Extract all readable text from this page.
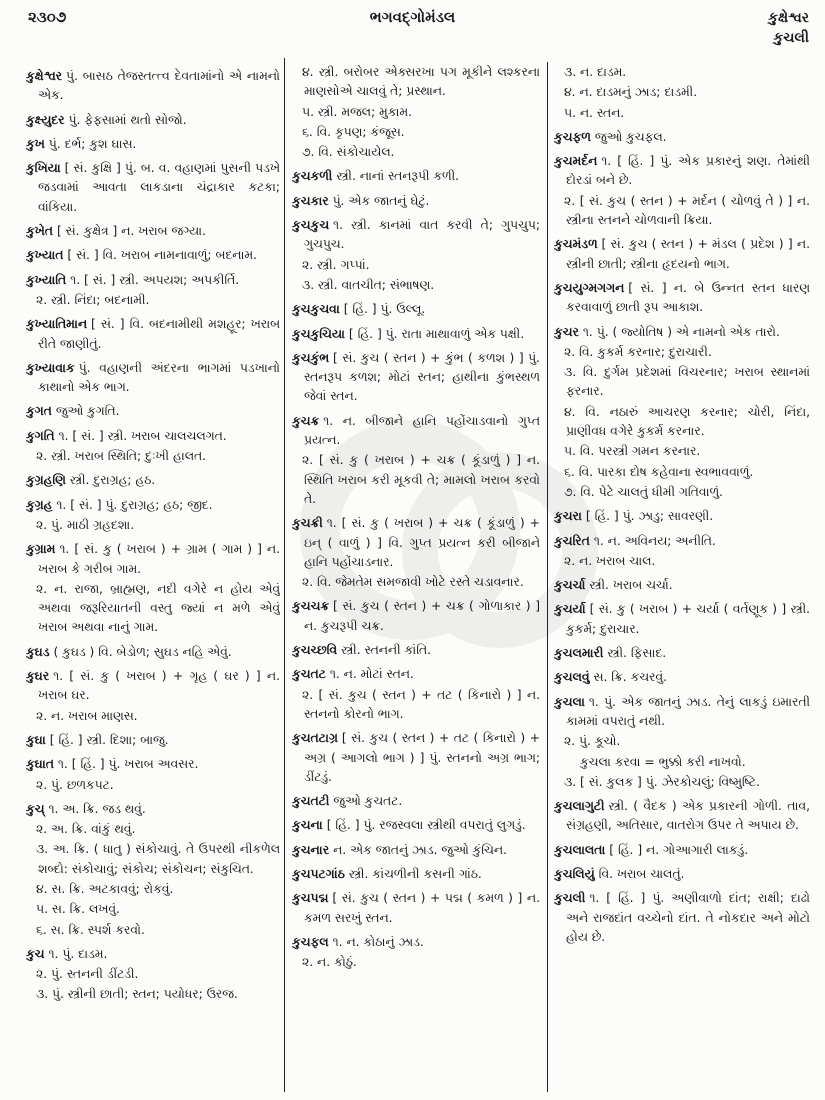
૨૩૦૭	ભગવદ્ગોમંડલ	કુક્ષેશ્વર
કુચલી
કુક્ષેશ્વર પું. બાસઠ તેજસ્તત્ત્વ દેવતામાંનો એ નામનો એક.
કુક્ષ્યુદર પું. ફેફસામાં થતો સોજો.
કુખ પું. દર્ભ; કુશ ઘાસ.
કુખિયા [ સં. કુક્ષિ ] પું. બ. વ. વહાણમાં પુસની પડખે જડવામાં આવતા લાકડાના ચંદ્રાકાર કટકા; વાંકિયા.
કુખેત [ સં. કુક્ષેત્ર ] ન. ખરાબ જગ્યા.
કુખ્યાત [ સં. ] વિ. ખરાબ નામનાવાળું; બદનામ.
કુખ્યાતિ ૧. [ સં. ] સ્ત્રી. અપયશ; અપકીર્તિ.
૨. સ્ત્રી. નિંદા; બદનામી.
કુખ્યાતિમાન [ સં. ] વિ. બદનામીથી મશહૂર; ખરાબ રીતે જાણીતું.
કુખ્યાવાક પું. વહાણની અંદરના ભાગમાં પડખાનો કાથાનો એક ભાગ.
કુગત જુઓ કુગતિ.
કુગતિ ૧. [ સં. ] સ્ત્રી. ખરાબ ચાલચલગત.
૨. સ્ત્રી. ખરાબ સ્થિતિ; દુઃખી હાલત.
કુગ્રહણિ સ્ત્રી. દુરાગ્રહ; હઠ.
કુગ્રહ ૧. [ સં. ] પું. દુરાગ્રહ; હઠ; જીદ.
૨. પું. માઠી ગ્રહદશા.
કુગ્રામ ૧. [ સં. કુ ( ખરાબ ) + ગ્રામ ( ગામ ) ] ન. ખરાબ કે ગરીબ ગામ.
૨. ન. રાજા, બ્રાહ્મણ, નદી વગેરે ન હોય એવું અથવા જરૂરિયાતની વસ્તુ જ્યાં ન મળે એવું ખરાબ અથવા નાનું ગામ.
કુઘડ ( કુઘડ ) વિ. બેડોળ; સુઘડ નહિ એવું.
કુઘર ૧. [ સં. કુ ( ખરાબ ) + ગૃહ ( ઘર ) ] ન. ખરાબ ઘર.
૨. ન. ખરાબ માણસ.
કુઘા [ હિં. ] સ્ત્રી. દિશા; બાજુ.
કુઘાત ૧. [ હિં. ] પું. ખરાબ અવસર.
૨. પું. છળકપટ.
કુચ્ ૧. અ. ક્રિ. જડ થવું.
૨. અ. ક્રિ. વાંકું થવું.
૩. અ. ક્રિ. ( ધાતુ ) સંકોચાવું. તે ઉપરથી નીકળેલ શબ્દો: સંકોચાવું; સંકોચ; સંકોચન; સંકુચિત.
૪. સ. ક્રિ. અટકાવવું; રોકવું.
૫. સ. ક્રિ. લખવું.
૬. સ. ક્રિ. સ્પર્શ કરવો.
કુચ ૧. પું. દાડમ.
૨. પું. સ્તનની ડીંટડી.
૩. પું. સ્ત્રીની છાતી; સ્તન; પયોધર; ઉરજ.
૪. સ્ત્રી. બરોબર એક્સરખા પગ મૂકીને લશ્કરના માણસોએ ચાલવું તે; પ્રસ્થાન.
૫. સ્ત્રી. મજલ; મુકામ.
૬. વિ. કૃપણ; કંજૂસ.
૭. વિ. સંકોચાયેલ.
કુચકળી સ્ત્રી. નાનાં સ્તનરૂપી કળી.
કુચકાર પું. એક જાતનું ઘેટું.
કુચકુચ ૧. સ્ત્રી. કાનમાં વાત કરવી તે; ગુપચુપ; ગુચપુચ.
૨. સ્ત્રી. ગપ્પાં.
૩. સ્ત્રી. વાતચીત; સંભાષણ.
કુચકુચવા [ હિં. ] પું. ઉલ્લૂ.
કુચકુચિયા [ હિં. ] પું. રાતા માથાવાળું એક પક્ષી.
કુચકુંભ [ સં. કુચ ( સ્તન ) + કુંભ ( કળશ ) ] પું. સ્તનરૂપ કળશ; મોટાં સ્તન; હાથીના કુંભસ્થળ જેવાં સ્તન.
કુચક્ર ૧. ન. બીજાને હાનિ પહોંચાડવાનો ગુપ્ત પ્રયત્ન.
૨. [ સં. કુ ( ખરાબ ) + ચક્ર ( કૂંડાળું ) ] ન. સ્થિતિ ખરાબ કરી મૂકવી તે; મામલો ખરાબ કરવો તે.
કુચક્રી ૧. [ સં. કુ ( ખરાબ ) + ચક્ર ( કૂંડાળું ) + ઇન્ ( વાળું ) ] વિ. ગુપ્ત પ્રયત્ન કરી બીજાને હાનિ પહોંચાડનાર.
૨. વિ. જેમતેમ સમજાવી ખોટે રસ્તે ચડાવનાર.
કુચચક્ર [ સં. કુચ ( સ્તન ) + ચક્ર ( ગોળાકાર ) ] ન. કુચરૂપી ચક્ર.
કુચચ્છવિ સ્ત્રી. સ્તનની કાંતિ.
કુચતટ ૧. ન. મોટાં સ્તન.
૨. [ સં. કુચ ( સ્તન ) + તટ ( કિનારો ) ] ન. સ્તનનો કોરનો ભાગ.
કુચતટાગ્ર [ સં. કુચ ( સ્તન ) + તટ ( કિનારો ) + અગ્ર ( આગલો ભાગ ) ] પું. સ્તનનો અગ્ર ભાગ; ડીંટડું.
કુચતટી જુઓ કુચતટ.
કુચના [ હિં. ] પું. રજસ્વલા સ્ત્રીથી વપરાતું લુગડું.
કુચનાર ન. એક જાતનું ઝાડ. જુઓ કુંચિન.
કુચપટગાંઠ સ્ત્રી. કાંચળીની કસની ગાંઠ.
કુચપદ્મ [ સં. કુચ ( સ્તન ) + પદ્મ ( કમળ ) ] ન. કમળ સરખું સ્તન.
કુચફલ ૧. ન. કોઠાનું ઝાડ.
૨. ન. કોઠું.
૩. ન. દાડમ.
૪. ન. દાડમનું ઝાડ; દાડમી.
૫. ન. સ્તન.
કુચફળ જુઓ કુચફલ.
કુચમર્દન ૧. [ હિં. ] પું. એક પ્રકારનું શણ. તેમાંથી દોરડાં બને છે.
૨. [ સં. કુચ ( સ્તન ) + મર્દન ( ચોળવું તે ) ] ન. સ્ત્રીના સ્તનને ચોળવાની ક્રિયા.
કુચમંડળ [ સં. કુચ ( સ્તન ) + મંડલ ( પ્રદેશ ) ] ન. સ્ત્રીની છાતી; સ્ત્રીના હૃદયનો ભાગ.
કુચયુગ્મગગન [ સં. ] ન. બે ઉન્નત સ્તન ધારણ કરવાવાળું છાતી રૂપ આકાશ.
કુચર ૧. પું. ( જ્યોતિષ ) એ નામનો એક તારો.
૨. વિ. કુકર્મ કરનાર; દુરાચારી.
૩. વિ. દુર્ગમ પ્રદેશમાં વિચરનાર; ખરાબ સ્થાનમાં ફરનાર.
૪. વિ. નઠારું આચરણ કરનાર; ચોરી, નિંદા, પ્રાણીવધ વગેરે કુકર્મ કરનાર.
૫. વિ. પરસ્ત્રી ગમન કરનાર.
૬. વિ. પારકા દોષ કહેવાના સ્વભાવવાળું.
૭. વિ. પેટે ચાલતું ધીમી ગતિવાળું.
કુચરા [ હિં. ] પું. ઝાડુ; સાવરણી.
કુચરિત ૧. ન. અવિનય; અનીતિ.
૨. ન. ખરાબ ચાલ.
કુચર્ચા સ્ત્રી. ખરાબ ચર્ચા.
કુચર્યા [ સં. કુ ( ખરાબ ) + ચર્યા ( વર્તણૂક ) ] સ્ત્રી. કુકર્મ; દુરાચાર.
કુચલમારી સ્ત્રી. ફિસાદ.
કુચલવું સ. ક્રિ. કચરવું.
કુચલા ૧. પું. એક જાતનું ઝાડ. તેનું લાકડું ઇમારતી કામમાં વપરાતું નથી.
૨. પું. કૂચો.
કુચલા કરવા = ભુક્કો કરી નાખવો.
૩. [ સં. કુલક ] પું. ઝેરકોચલું; વિષ્મુષ્ટિ.
કુચલાગુટી સ્ત્રી. ( વૈદક ) એક પ્રકારની ગોળી. તાવ, સંગ્રહણી, અતિસાર, વાતરોગ ઉપર તે અપાય છે.
કુચલાલતા [ હિં. ] ન. ગોઆગારી લાકડું.
કુચલિયું વિ. ખરાબ ચાલતું.
કુચલી ૧. [ હિં. ] પું. અણીવાળો દાંત; રાક્ષી; દાઢો અને રાજદાંત વચ્ચેનો દાંત. તે નોકદાર અને મોટો હોય છે.
